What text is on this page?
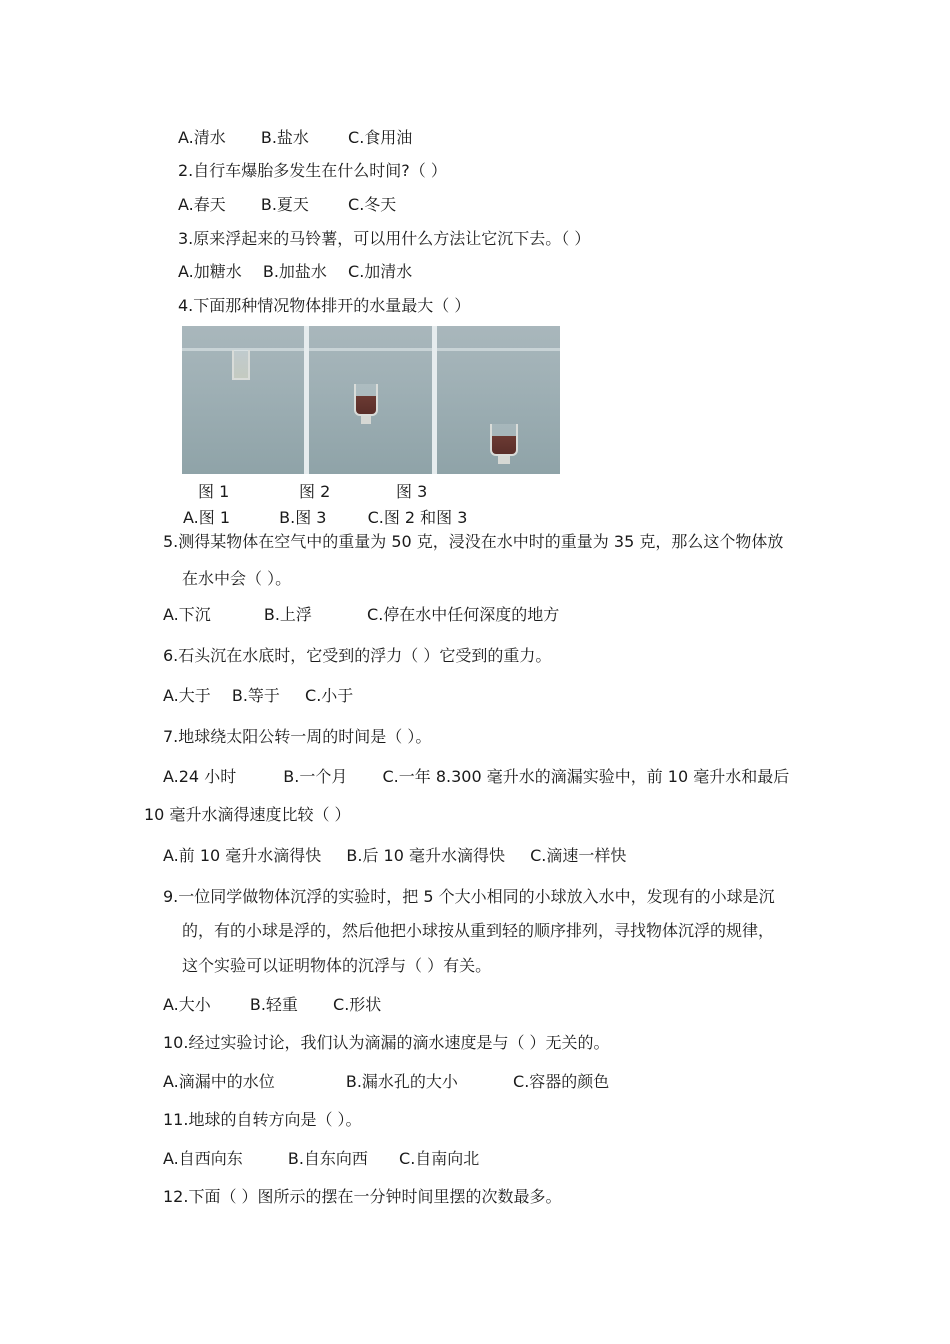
A.清水 B.盐水 C.食用油
2.自行车爆胎多发生在什么时间?（ ）
A.春天 B.夏天 C.冬天
3.原来浮起来的马铃薯，可以用什么方法让它沉下去。（ ）
A.加糖水 B.加盐水 C.加清水
4.下面那种情况物体排开的水量最大（ ）
图 1	图 2	图 3
A.图 1	B.图 3	C.图 2 和图 3
5.测得某物体在空气中的重量为 50 克，浸没在水中时的重量为 35 克，那么这个物体放
在水中会（ ）。
A.下沉	B.上浮	C.停在水中任何深度的地方
6.石头沉在水底时，它受到的浮力（ ）它受到的重力。
A.大于 B.等于 C.小于
7.地球绕太阳公转一周的时间是（ ）。
A.24 小时	B.一个月 C.一年 8.300 毫升水的滴漏实验中，前 10 毫升水和最后
10 毫升水滴得速度比较（ ）
A.前 10 毫升水滴得快 B.后 10 毫升水滴得快 C.滴速一样快
9.一位同学做物体沉浮的实验时，把 5 个大小相同的小球放入水中，发现有的小球是沉
的，有的小球是浮的，然后他把小球按从重到轻的顺序排列，寻找物体沉浮的规律，
这个实验可以证明物体的沉浮与（ ）有关。
A.大小 B.轻重 C.形状
10.经过实验讨论，我们认为滴漏的滴水速度是与（ ）无关的。
A.滴漏中的水位	B.漏水孔的大小	C.容器的颜色
11.地球的自转方向是（ ）。
A.自西向东	B.自东向西 C.自南向北
12.下面（ ）图所示的摆在一分钟时间里摆的次数最多。
